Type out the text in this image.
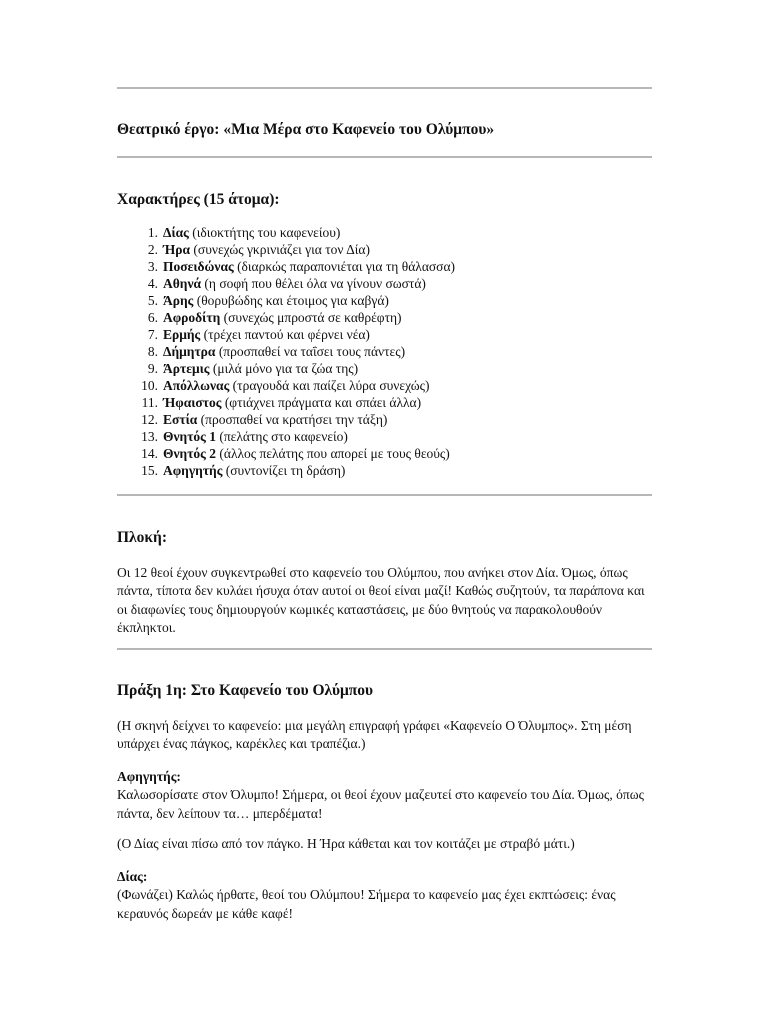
Θεατρικό έργο: «Μια Μέρα στο Καφενείο του Ολύμπου»
Χαρακτήρες (15 άτομα):
1. Δίας (ιδιοκτήτης του καφενείου)
2. Ήρα (συνεχώς γκρινιάζει για τον Δία)
3. Ποσειδώνας (διαρκώς παραπονιέται για τη θάλασσα)
4. Αθηνά (η σοφή που θέλει όλα να γίνουν σωστά)
5. Άρης (θορυβώδης και έτοιμος για καβγά)
6. Αφροδίτη (συνεχώς μπροστά σε καθρέφτη)
7. Ερμής (τρέχει παντού και φέρνει νέα)
8. Δήμητρα (προσπαθεί να ταΐσει τους πάντες)
9. Άρτεμις (μιλά μόνο για τα ζώα της)
10. Απόλλωνας (τραγουδά και παίζει λύρα συνεχώς)
11. Ήφαιστος (φτιάχνει πράγματα και σπάει άλλα)
12. Εστία (προσπαθεί να κρατήσει την τάξη)
13. Θνητός 1 (πελάτης στο καφενείο)
14. Θνητός 2 (άλλος πελάτης που απορεί με τους θεούς)
15. Αφηγητής (συντονίζει τη δράση)
Πλοκή:
Οι 12 θεοί έχουν συγκεντρωθεί στο καφενείο του Ολύμπου, που ανήκει στον Δία. Όμως, όπως πάντα, τίποτα δεν κυλάει ήσυχα όταν αυτοί οι θεοί είναι μαζί! Καθώς συζητούν, τα παράπονα και οι διαφωνίες τους δημιουργούν κωμικές καταστάσεις, με δύο θνητούς να παρακολουθούν έκπληκτοι.
Πράξη 1η: Στο Καφενείο του Ολύμπου
(Η σκηνή δείχνει το καφενείο: μια μεγάλη επιγραφή γράφει «Καφενείο Ο Όλυμπος». Στη μέση υπάρχει ένας πάγκος, καρέκλες και τραπέζια.)
Αφηγητής:
Καλωσορίσατε στον Όλυμπο! Σήμερα, οι θεοί έχουν μαζευτεί στο καφενείο του Δία. Όμως, όπως πάντα, δεν λείπουν τα… μπερδέματα!
(Ο Δίας είναι πίσω από τον πάγκο. Η Ήρα κάθεται και τον κοιτάζει με στραβό μάτι.)
Δίας:
(Φωνάζει) Καλώς ήρθατε, θεοί του Ολύμπου! Σήμερα το καφενείο μας έχει εκπτώσεις: ένας κεραυνός δωρεάν με κάθε καφέ!
